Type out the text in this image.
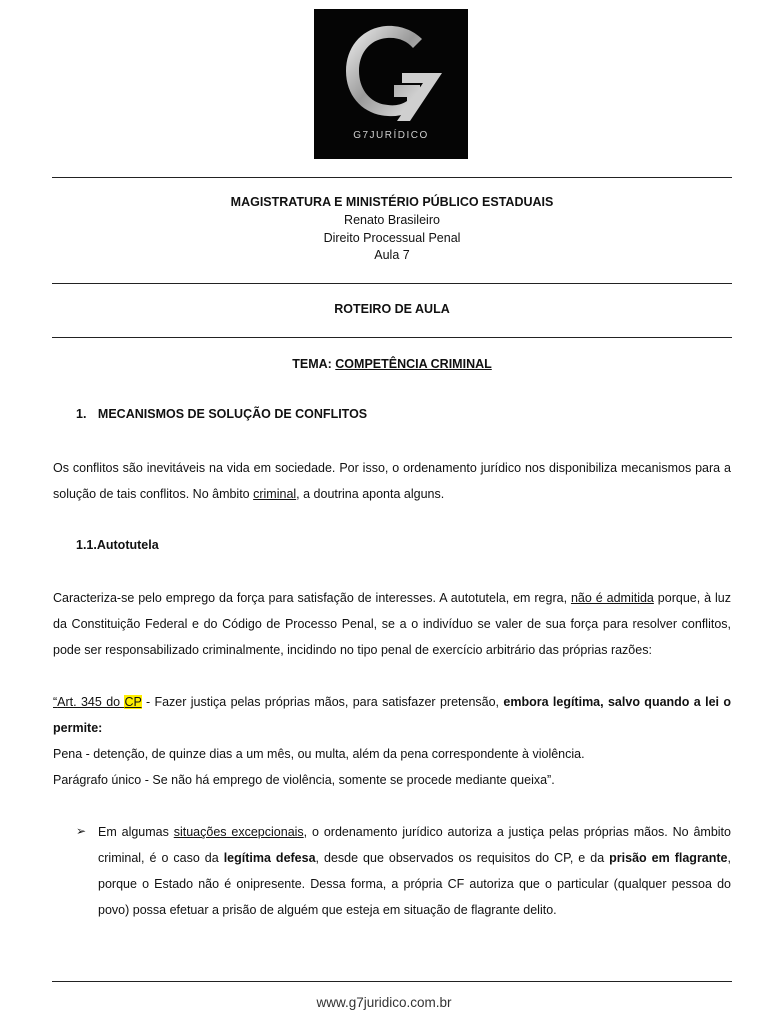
G7JURÍDICO
MAGISTRATURA E MINISTÉRIO PÚBLICO ESTADUAIS
Renato Brasileiro
Direito Processual Penal
Aula 7
ROTEIRO DE AULA
TEMA: COMPETÊNCIA CRIMINAL
1. MECANISMOS DE SOLUÇÃO DE CONFLITOS
Os conflitos são inevitáveis na vida em sociedade. Por isso, o ordenamento jurídico nos disponibiliza mecanismos para a solução de tais conflitos. No âmbito criminal, a doutrina aponta alguns.
1.1.Autotutela
Caracteriza-se pelo emprego da força para satisfação de interesses. A autotutela, em regra, não é admitida porque, à luz da Constituição Federal e do Código de Processo Penal, se a o indivíduo se valer de sua força para resolver conflitos, pode ser responsabilizado criminalmente, incidindo no tipo penal de exercício arbitrário das próprias razões:
“Art. 345 do CP - Fazer justiça pelas próprias mãos, para satisfazer pretensão, embora legítima, salvo quando a lei o permite:
Pena - detenção, de quinze dias a um mês, ou multa, além da pena correspondente à violência.
Parágrafo único - Se não há emprego de violência, somente se procede mediante queixa”.
➢ Em algumas situações excepcionais, o ordenamento jurídico autoriza a justiça pelas próprias mãos. No âmbito criminal, é o caso da legítima defesa, desde que observados os requisitos do CP, e da prisão em flagrante, porque o Estado não é onipresente. Dessa forma, a própria CF autoriza que o particular (qualquer pessoa do povo) possa efetuar a prisão de alguém que esteja em situação de flagrante delito.
www.g7juridico.com.br
